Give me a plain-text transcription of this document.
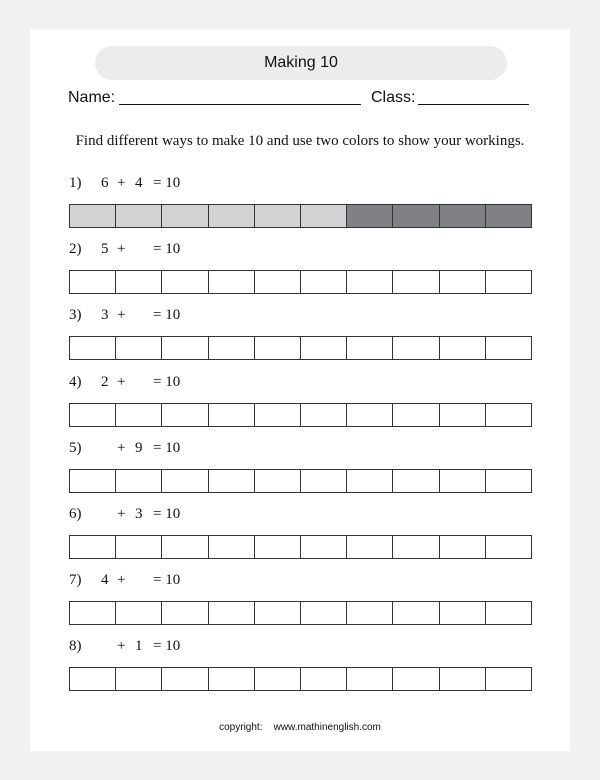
Making 10
Name:	Class:
Find different ways to make 10 and use two colors to show your workings.
1) 6 + 4 = 10
2) 5 + = 10
3) 3 + = 10
4) 2 + = 10
5) + 9 = 10
6) + 3 = 10
7) 4 + = 10
8) + 1 = 10
copyright: www.mathinenglish.com
